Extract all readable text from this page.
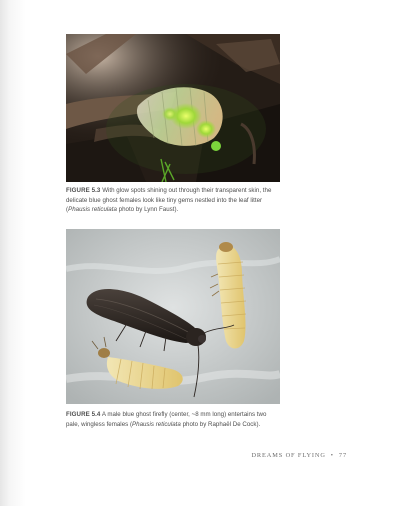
FIGURE 5.3 With glow spots shining out through their transparent skin, the delicate blue ghost females look like tiny gems nestled into the leaf litter (Phausis reticulata photo by Lynn Faust).
FIGURE 5.4 A male blue ghost firefly (center, ~8 mm long) entertains two pale, wingless females (Phausis reticulata photo by Raphaël De Cock).
DREAMS OF FLYING • 77
